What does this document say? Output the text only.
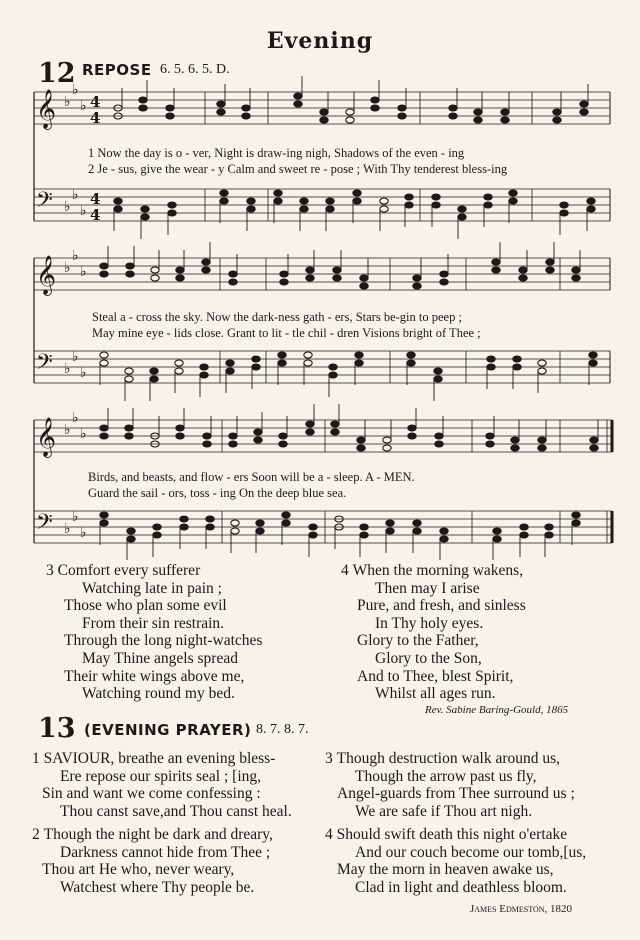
Evening
12 REPOSE 6. 5. 6. 5. D.
𝄞 ♭
♭
♭ 4
4
𝄢 ♭
♭
♭
4
4
𝄞 ♭
♭
♭
𝄢 ♭
♭
♭
𝄞 ♭
♭
♭
𝄢 ♭
♭
♭
1 Now the day is o - ver, Night is draw-ing nigh, Shadows of the even - ing
2 Je - sus, give the wear - y Calm and sweet re - pose ; With Thy tenderest bless-ing
Steal a - cross the sky. Now the dark-ness gath - ers, Stars be-gin to peep ;
May mine eye - lids close. Grant to lit - tle chil - dren Visions bright of Thee ;
Birds, and beasts, and flow - ers Soon will be a - sleep. A - MEN.
Guard the sail - ors, toss - ing On the deep blue sea.
3 Comfort every sufferer
Watching late in pain ;
Those who plan some evil
From their sin restrain.
Through the long night-watches
May Thine angels spread
Their white wings above me,
Watching round my bed.
4 When the morning wakens,
Then may I arise
Pure, and fresh, and sinless
In Thy holy eyes.
Glory to the Father,
Glory to the Son,
And to Thee, blest Spirit,
Whilst all ages run.
Rev. Sabine Baring-Gould, 1865
13 (EVENING PRAYER) 8. 7. 8. 7.
1 SAVIOUR, breathe an evening bless-
Ere repose our spirits seal ; [ing,
Sin and want we come confessing :
Thou canst save,and Thou canst heal.
2 Though the night be dark and dreary,
Darkness cannot hide from Thee ;
Thou art He who, never weary,
Watchest where Thy people be.
3 Though destruction walk around us,
Though the arrow past us fly,
Angel-guards from Thee surround us ;
We are safe if Thou art nigh.
4 Should swift death this night o'ertake
And our couch become our tomb,[us,
May the morn in heaven awake us,
Clad in light and deathless bloom.
James Edmeston, 1820
